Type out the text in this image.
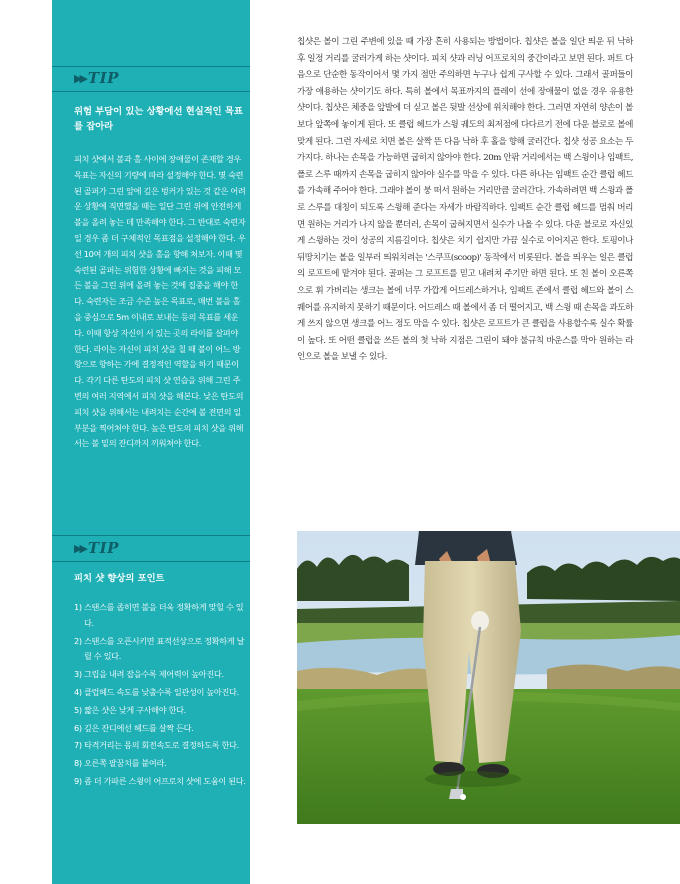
▶▶ TIP
위험 부담이 있는 상황에선 현실적인 목표를 잡아라

피치 샷에서 볼과 홀 사이에 장애물이 존재할 경우 목표는 자신의 기량에 따라 설정해야 한다. 몇 숙련된 골퍼가 그린 앞에 깊은 벙커가 있는 것 같은 어려운 상황에 직면했을 때는 일단 그린 위에 안전하게 볼을 올려 놓는 데 만족해야 한다. 그 반대로 숙련자일 경우 좀 더 구체적인 목표점을 설정해야 한다. 우선 10여 개의 피치 샷을 홀을 향해 쳐보자. 이때 몇 숙련된 골퍼는 위험한 상황에 빠지는 것을 피해 모든 볼을 그린 위에 올려 놓는 것에 집중을 해야 한다. 숙련자는 조금 수준 높은 목표로, 매번 볼을 홀을 중심으로 5m 이내로 보내는 등의 목표를 세운다. 이때 항상 자신이 서 있는 곳의 라이를 살펴야 한다. 라이는 자신이 피치 샷을 칠 때 볼이 어느 방향으로 향하는 가에 결정적인 역할을 하기 때문이다. 각기 다른 탄도의 피치 샷 연습을 위해 그린 주변의 여러 지역에서 피치 샷을 해본다. 낮은 탄도의 피치 샷을 위해서는 내려치는 순간에 볼 전면의 일부분을 찍어쳐야 한다. 높은 탄도의 피치 샷을 위해서는 볼 밑의 잔디까지 끼워쳐야 한다.

▶▶ TIP
피치 샷 향상의 포인트
1) 스탠스를 좁히면 볼을 더욱 정확하게 맞힐 수 있다.
2) 스탠스를 오픈시키면 표적선상으로 정확하게 날릴 수 있다.
3) 그립을 내려 잡을수록 제어력이 높아진다.
4) 클럽헤드 속도를 낮출수록 일관성이 높아진다.
5) 짧은 샷은 낮게 구사해야 한다.
6) 깊은 잔디에선 헤드를 살짝 든다.
7) 타격거리는 몸의 회전속도로 결정하도록 한다.
8) 오른쪽 팔꿈치를 붙여라.
9) 좀 더 가파른 스윙이 어프로치 샷에 도움이 된다.
칩샷은 볼이 그린 주변에 있을 때 가장 흔히 사용되는 방법이다. 칩샷은 볼을 일단 띄운 뒤 낙하 후 일정 거리를 굴러가게 하는 샷이다. 피치 샷과 러닝 어프로치의 중간이라고 보면 된다. 퍼트 다음으로 단순한 동작이어서 몇 가지 점만 주의하면 누구나 쉽게 구사할 수 있다. 그래서 골퍼들이 가장 애용하는 샷이기도 하다. 특히 볼에서 목표까지의 플레이 선에 장애물이 없을 경우 유용한 샷이다. 칩샷은 체중을 앞발에 더 싣고 볼은 뒷발 선상에 위치해야 한다. 그러면 자연히 양손이 볼보다 앞쪽에 놓이게 된다. 또 클럽 헤드가 스윙 궤도의 최저점에 다다르기 전에 다운 블로로 볼에 맞게 된다. 그런 자세로 치면 볼은 살짝 뜬 다음 낙하 후 홀을 향해 굴러간다. 칩샷 성공 요소는 두 가지다. 하나는 손목을 가능하면 굽히지 않아야 한다. 20m 안팎 거리에서는 백 스윙이나 임팩트, 폴로 스루 때까지 손목을 굽히지 않아야 실수를 막을 수 있다. 다른 하나는 임팩트 순간 클럽 헤드를 가속해 주어야 한다. 그래야 볼이 붕 떠서 원하는 거리만큼 굴러간다. 가속하려면 백 스윙과 폴로 스루를 대칭이 되도록 스윙해 준다는 자세가 바람직하다. 임팩트 순간 클럽 헤드를 멈춰 버리면 원하는 거리가 나지 않을 뿐더러, 손목이 굽혀지면서 실수가 나올 수 있다. 다운 블로로 자신있게 스윙하는 것이 성공의 지름길이다. 칩샷은 치기 쉽지만 가끔 실수로 이어지곤 한다. 토핑이나 뒤땅치기는 볼을 일부러 띄워치려는 '스쿠프(scoop)' 동작에서 비롯된다. 볼을 띄우는 일은 클럽의 로프트에 맡겨야 된다. 골퍼는 그 로프트를 믿고 내려쳐 주기만 하면 된다. 또 친 볼이 오른쪽으로 휘 가버리는 생크는 볼에 너무 가깝게 어드레스하거나, 임팩트 존에서 클럽 헤드와 볼이 스퀘어를 유지하지 못하기 때문이다. 어드레스 때 볼에서 좀 더 떨어지고, 백 스윙 때 손목을 과도하게 쓰지 않으면 생크를 어느 정도 막을 수 있다. 칩샷은 로프트가 큰 클럽을 사용할수록 실수 확률이 높다. 또 어떤 클럽을 쓰든 볼의 첫 낙하 지점은 그린이 돼야 불규칙 바운스를 막아 원하는 라인으로 볼을 보낼 수 있다.
